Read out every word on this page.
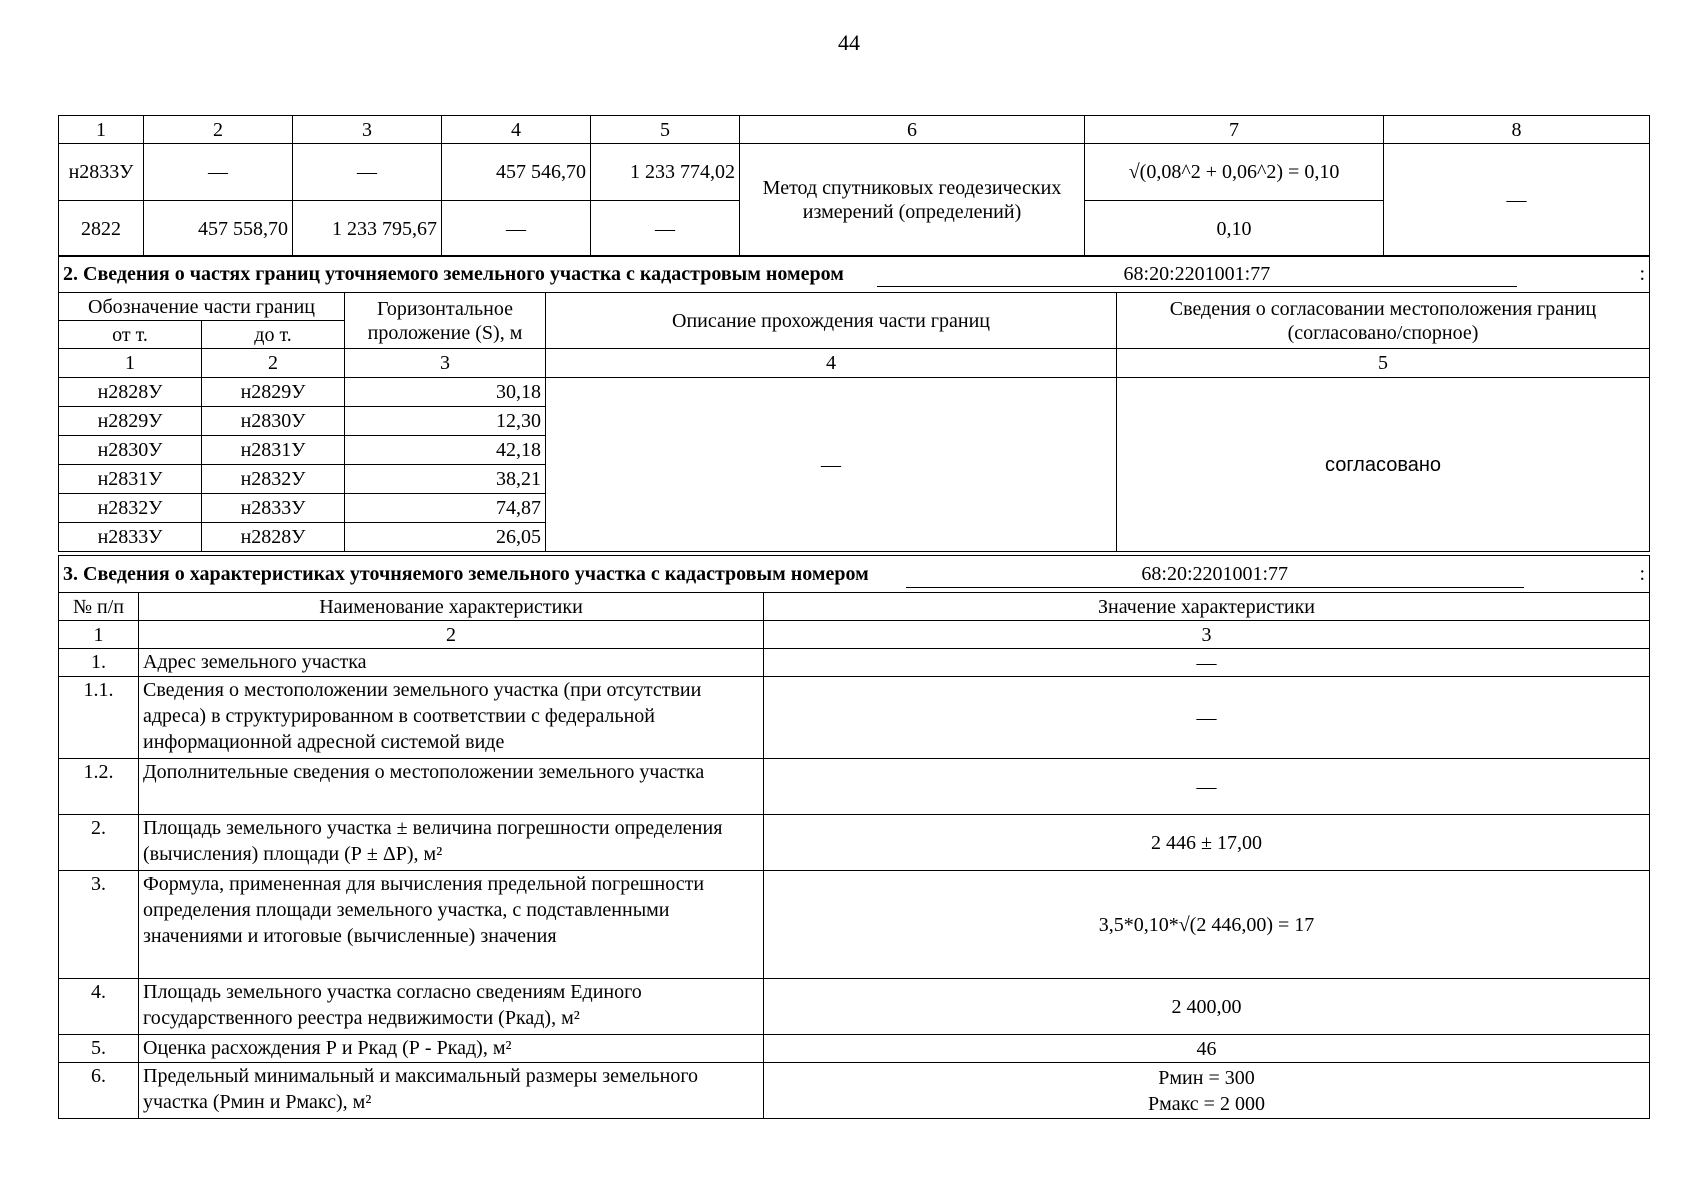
44
1	2	3	4	5	6	7	8
н2833У	—	—	457 546,70	1 233 774,02	Метод спутниковых геодезических измерений (определений)	√(0,08^2 + 0,06^2) = 0,10	—
2822	457 558,70	1 233 795,67	—	—		0,10	
2. Сведения о частях границ уточняемого земельного участка с кадастровым номером 68:20:2201001:77 :				

Обозначение части границ		Горизонтальное проложение (S), м	Описание прохождения части границ	Сведения о согласовании местоположения границ (согласовано/спорное)
от т.	до т.			
1	2	3	4	5
н2828У	н2829У	30,18	—	согласовано
н2829У	н2830У	12,30		
н2830У	н2831У	42,18		
н2831У	н2832У	38,21		
н2832У	н2833У	74,87		
н2833У	н2828У	26,05		
3. Сведения о характеристиках уточняемого земельного участка с кадастровым номером 68:20:2201001:77 :		

№ п/п	Наименование характеристики	Значение характеристики
1	2	3
1.	Адрес земельного участка	—
1.1.	Сведения о местоположении земельного участка (при отсутствии адреса) в структурированном в соответствии с федеральной информационной адресной системой виде	—
1.2.	Дополнительные сведения о местоположении земельного участка	—
2.	Площадь земельного участка ± величина погрешности определения (вычисления) площади (Р ± ΔР), м²	2 446 ± 17,00
3.	Формула, примененная для вычисления предельной погрешности определения площади земельного участка, с подставленными значениями и итоговые (вычисленные) значения	3,5*0,10*√(2 446,00) = 17
4.	Площадь земельного участка согласно сведениям Единого государственного реестра недвижимости (Ркад), м²	2 400,00
5.	Оценка расхождения Р и Ркад (Р - Ркад), м²	46
6.	Предельный минимальный и максимальный размеры земельного участка (Рмин и Рмакс), м²	Рмин = 300
Рмакс = 2 000
